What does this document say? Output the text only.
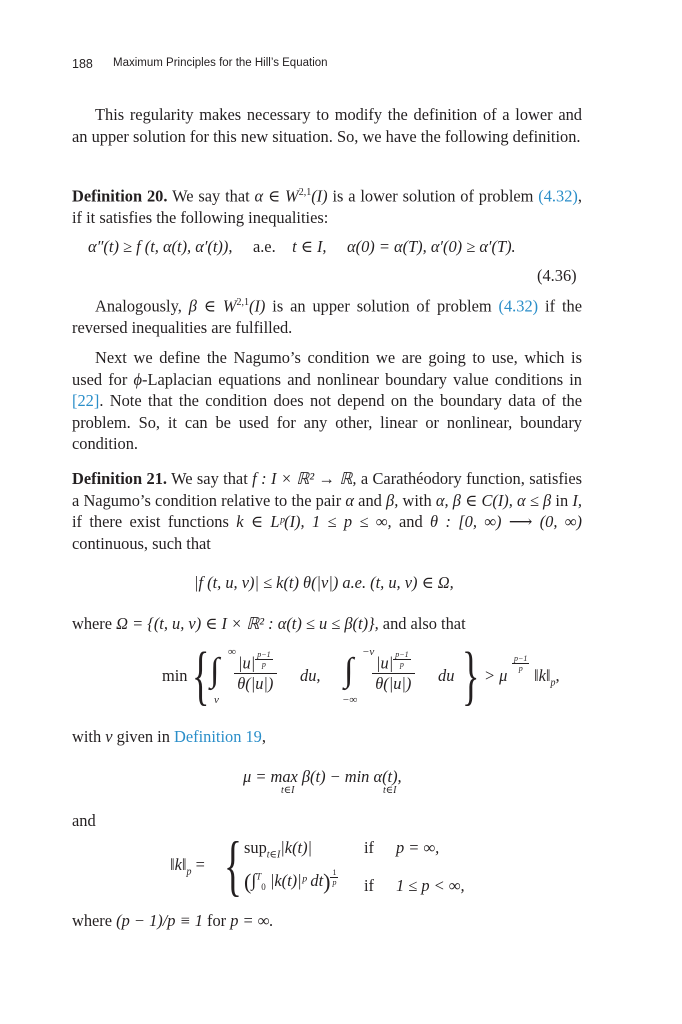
188 Maximum Principles for the Hill’s Equation

This regularity makes necessary to modify the definition of a lower and an upper solution for this new situation. So, we have the following definition.

Definition 20. We say that α ∈ W$^{2,1}$(I) is a lower solution of problem (4.32), if it satisfies the following inequalities:

α″(t) ≥ f (t, α(t), α′(t)), a.e. t ∈ I, α(0) = α(T), α′(0) ≥ α′(T).
(4.36)

Analogously, β ∈ W$^{2,1}$(I) is an upper solution of problem (4.32) if the reversed inequalities are fulfilled.

Next we define the Nagumo’s condition we are going to use, which is used for ϕ-Laplacian equations and nonlinear boundary value conditions in [22]. Note that the condition does not depend on the boundary data of the problem. So, it can be used for any other, linear or nonlinear, boundary condition.

Definition 21. We say that f : I × ℝ² → ℝ, a Carathéodory function, satisfies a Nagumo’s condition relative to the pair α and β, with α, β ∈ C(I), α ≤ β in I, if there exist functions k ∈ Lᵖ(I), 1 ≤ p ≤ ∞, and θ : [0, ∞) ⟶ (0, ∞) continuous, such that

|f (t, u, v)| ≤ k(t) θ(|v|) a.e. (t, u, v) ∈ Ω,

where Ω = {(t, u, v) ∈ I × ℝ² : α(t) ≤ u ≤ β(t)}, and also that

min { ∫ ∞
v
|u| $^{\frac{p-1}{p}}$
θ(|u|) du, ∫ −v
−∞
|u| $^{\frac{p-1}{p}}$
θ(|u|) du } > μ
$\frac{p-1}{p}$
$‖k‖_p$,

with ν given in Definition 19,

μ = max β(t) − min α(t),
t∈I	t∈I

and

$‖k‖_p$ = { sup$_{t\in I}$|k(t)|	if p = ∞,
(∫$^T_0$ |k(t)|ᵖ dt) $^{\frac{1}{p}}$ if 1 ≤ p < ∞,

where (p − 1)/p ≡ 1 for p = ∞.
